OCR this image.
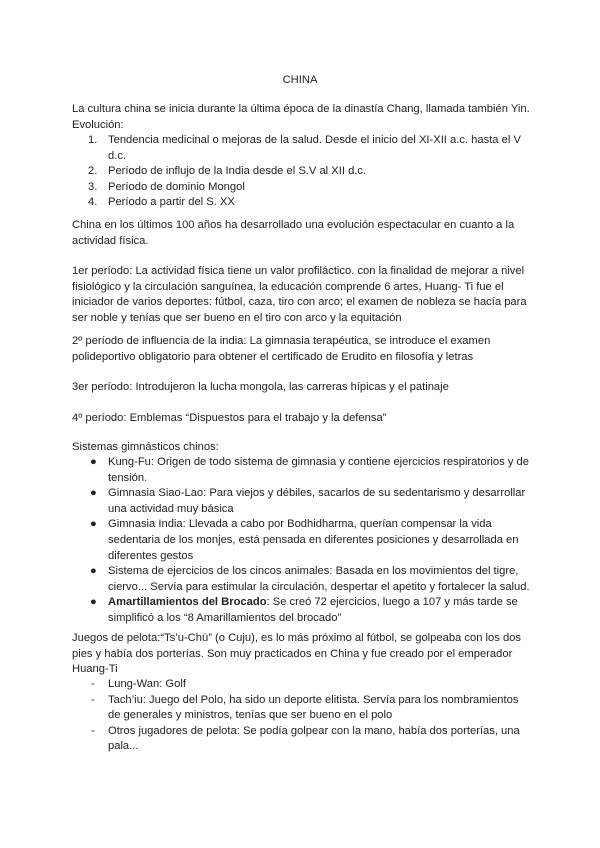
CHINA

La cultura china se inicia durante la última época de la dinastía Chang, llamada también Yin.
Evolución:

1. Tendencia medicinal o mejoras de la salud. Desde el inicio del XI-XII a.c. hasta el V d.c.
2. Período de influjo de la India desde el S.V al XII d.c.
3. Período de dominio Mongol
4. Período a partir del S. XX

China en los últimos 100 años ha desarrollado una evolución espectacular en cuanto a la actividad física.

1er período: La actividad física tiene un valor profiláctico. con la finalidad de mejorar a nivel fisiológico y la circulación sanguínea, la educación comprende 6 artes, Huang- Ti fue el iniciador de varios deportes: fútbol, caza, tiro con arco; el examen de nobleza se hacía para ser noble y tenías que ser bueno en el tiro con arco y la equitación

2º período de influencia de la india: La gimnasia terapéutica, se introduce el examen polideportivo obligatorio para obtener el certificado de Erudito en filosofía y letras

3er período: Introdujeron la lucha mongola, las carreras hípicas y el patinaje

4º período: Emblemas “Dispuestos para el trabajo y la defensa”

Sistemas gimnásticos chinos:

● Kung-Fu: Origen de todo sistema de gimnasia y contiene ejercicios respiratorios y de tensión.
● Gimnasia Siao-Lao: Para viejos y débiles, sacarlos de su sedentarismo y desarrollar una actividad muy básica
● Gimnasia India: Llevada a cabo por Bodhidharma, querían compensar la vida sedentaria de los monjes, está pensada en diferentes posiciones y desarrollada en diferentes gestos
● Sistema de ejercicios de los cincos animales: Basada en los movimientos del tigre, ciervo... Servía para estimular la circulación, despertar el apetito y fortalecer la salud.
● Amartillamientos del Brocado: Se creó 72 ejercicios, luego a 107 y más tarde se simplificó a los “8 Amarillamientos del brocado”

Juegos de pelota:“Ts’u-Chü” (o Cuju), es lo más próximo al fútbol, se golpeaba con los dos pies y había dos porterías. Son muy practicados en China y fue creado por el emperador Huang-Ti

- Lung-Wan: Golf
- Tach’iu: Juego del Polo, ha sido un deporte elitista. Servía para los nombramientos de generales y ministros, tenías que ser bueno en el polo
- Otros jugadores de pelota: Se podía golpear con la mano, había dos porterías, una pala...
